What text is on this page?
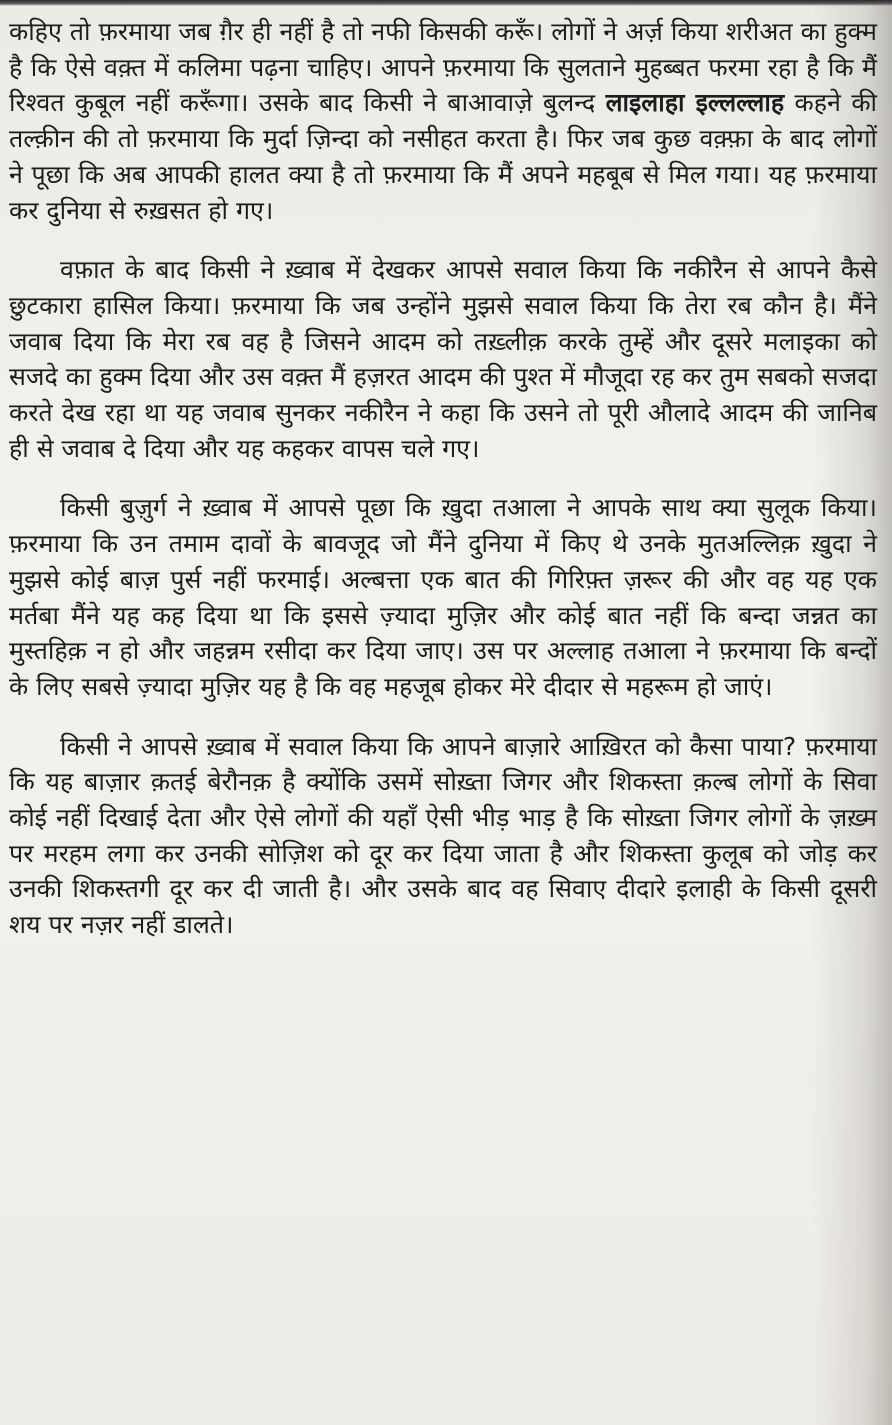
कहिए तो फ़रमाया जब ग़ैर ही नहीं है तो नफी किसकी करूँ। लोगों ने अर्ज़ किया शरीअत का हुक्म है कि ऐसे वक़्त में कलिमा पढ़ना चाहिए। आपने फ़रमाया कि सुलताने मुहब्बत फरमा रहा है कि मैं रिश्वत कुबूल नहीं करूँगा। उसके बाद किसी ने बाआवाज़े बुलन्द लाइलाहा इल्लल्लाह कहने की तल्क़ीन की तो फ़रमाया कि मुर्दा ज़िन्दा को नसीहत करता है। फिर जब कुछ वक़्फ़ा के बाद लोगों ने पूछा कि अब आपकी हालत क्या है तो फ़रमाया कि मैं अपने महबूब से मिल गया। यह फ़रमाया कर दुनिया से रुख़सत हो गए।

वफ़ात के बाद किसी ने ख़्वाब में देखकर आपसे सवाल किया कि नकीरैन से आपने कैसे छुटकारा हासिल किया। फ़रमाया कि जब उन्होंने मुझसे सवाल किया कि तेरा रब कौन है। मैंने जवाब दिया कि मेरा रब वह है जिसने आदम को तख़्लीक़ करके तुम्हें और दूसरे मलाइका को सजदे का हुक्म दिया और उस वक़्त मैं हज़रत आदम की पुश्त में मौजूदा रह कर तुम सबको सजदा करते देख रहा था यह जवाब सुनकर नकीरैन ने कहा कि उसने तो पूरी औलादे आदम की जानिब ही से जवाब दे दिया और यह कहकर वापस चले गए।

किसी बुज़ुर्ग ने ख़्वाब में आपसे पूछा कि ख़ुदा तआला ने आपके साथ क्या सुलूक किया। फ़रमाया कि उन तमाम दावों के बावजूद जो मैंने दुनिया में किए थे उनके मुतअल्लिक़ ख़ुदा ने मुझसे कोई बाज़ पुर्स नहीं फरमाई। अल्बत्ता एक बात की गिरिफ़्त ज़रूर की और वह यह एक मर्तबा मैंने यह कह दिया था कि इससे ज़्यादा मुज़िर और कोई बात नहीं कि बन्दा जन्नत का मुस्तहिक़ न हो और जहन्नम रसीदा कर दिया जाए। उस पर अल्लाह तआला ने फ़रमाया कि बन्दों के लिए सबसे ज़्यादा मुज़िर यह है कि वह महजूब होकर मेरे दीदार से महरूम हो जाएं।

किसी ने आपसे ख़्वाब में सवाल किया कि आपने बाज़ारे आख़िरत को कैसा पाया? फ़रमाया कि यह बाज़ार क़तई बेरौनक़ है क्योंकि उसमें सोख़्ता जिगर और शिकस्ता क़ल्ब लोगों के सिवा कोई नहीं दिखाई देता और ऐसे लोगों की यहाँ ऐसी भीड़ भाड़ है कि सोख़्ता जिगर लोगों के ज़ख़्म पर मरहम लगा कर उनकी सोज़िश को दूर कर दिया जाता है और शिकस्ता कुलूब को जोड़ कर उनकी शिकस्तगी दूर कर दी जाती है। और उसके बाद वह सिवाए दीदारे इलाही के किसी दूसरी शय पर नज़र नहीं डालते।
